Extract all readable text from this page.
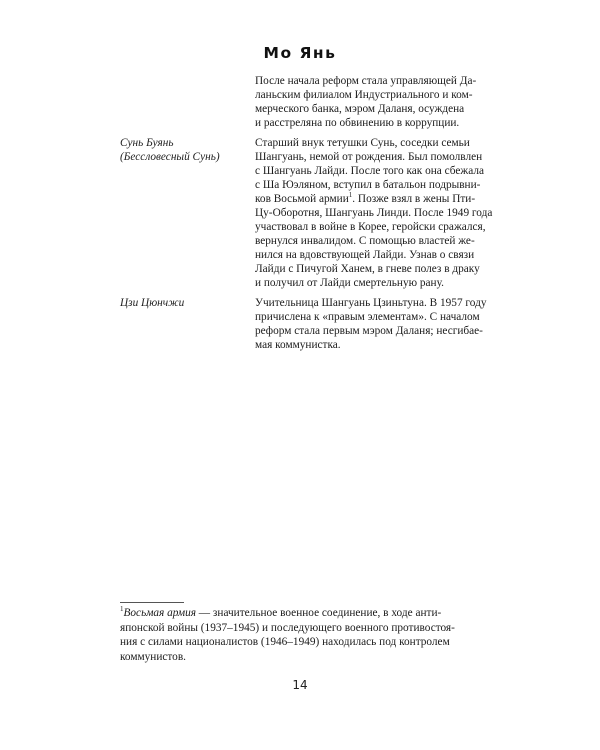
Мо Янь
После начала реформ стала управляющей Да-
ланьским филиалом Индустриального и ком-
мерческого банка, мэром Даланя, осуждена
и расстреляна по обвинению в коррупции.
Сунь Буянь
(Бессловесный Сунь)
Старший внук тетушки Сунь, соседки семьи
Шангуань, немой от рождения. Был помолвлен
с Шангуань Лайди. После того как она сбежала
с Ша Юэляном, вступил в батальон подрывни-
ков Восьмой армии$^1$. Позже взял в жены Пти-
Цу-Оборотня, Шангуань Линди. После 1949 года
участвовал в войне в Корее, геройски сражался,
вернулся инвалидом. С помощью властей же-
нился на вдовствующей Лайди. Узнав о связи
Лайди с Пичугой Ханем, в гневе полез в драку
и получил от Лайди смертельную рану.
Цзи Цюнчжи	Учительница Шангуань Цзиньтуна. В 1957 году
причислена к «правым элементам». С началом
реформ стала первым мэром Даланя; несгибае-
мая коммунистка.
$^1$Восьмая армия — значительное военное соединение, в ходе анти-
японской войны (1937–1945) и последующего военного противостоя-
ния с силами националистов (1946–1949) находилась под контролем
коммунистов.
14
